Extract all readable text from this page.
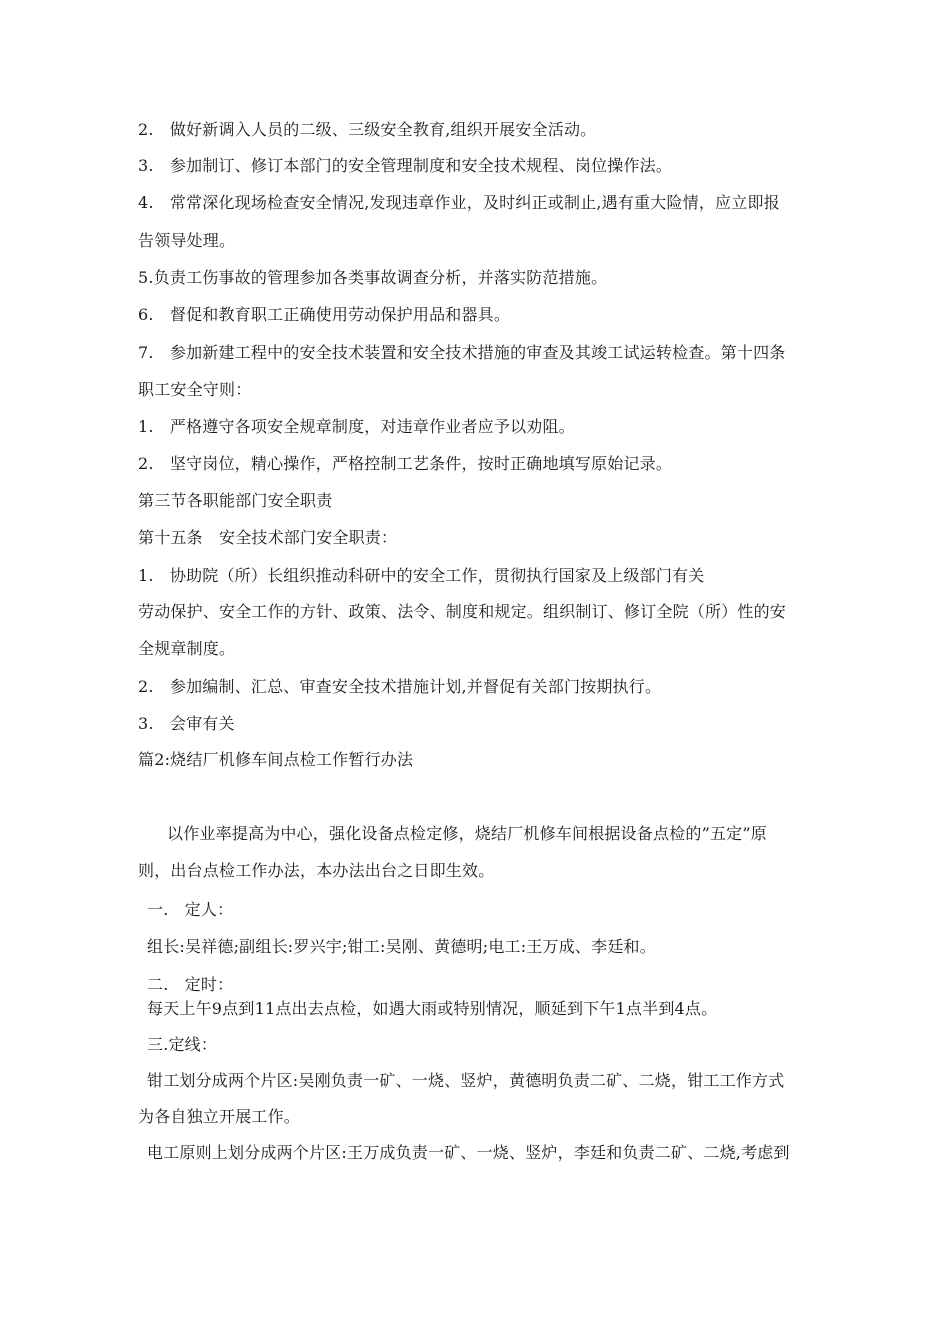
2.　做好新调入人员的二级、三级安全教育,组织开展安全活动。
3.　参加制订、修订本部门的安全管理制度和安全技术规程、岗位操作法。
4.　常常深化现场检查安全情况,发现违章作业，及时纠正或制止,遇有重大险情，应立即报
告领导处理。
5.负责工伤事故的管理参加各类事故调查分析，并落实防范措施。
6.　督促和教育职工正确使用劳动保护用品和器具。
7.　参加新建工程中的安全技术装置和安全技术措施的审查及其竣工试运转检查。第十四条
职工安全守则：
1.　严格遵守各项安全规章制度，对违章作业者应予以劝阻。
2.　坚守岗位，精心操作，严格控制工艺条件，按时正确地填写原始记录。
第三节各职能部门安全职责
第十五条　安全技术部门安全职责：
1.　协助院（所）长组织推动科研中的安全工作，贯彻执行国家及上级部门有关
劳动保护、安全工作的方针、政策、法令、制度和规定。组织制订、修订全院（所）性的安
全规章制度。
2.　参加编制、汇总、审查安全技术措施计划,并督促有关部门按期执行。
3.　会审有关
篇2:烧结厂机修车间点检工作暂行办法
以作业率提高为中心，强化设备点检定修，烧结厂机修车间根据设备点检的”五定”原
则，出台点检工作办法，本办法出台之日即生效。
一.　定人：
组长:吴祥德;副组长:罗兴宇;钳工:吴刚、黄德明;电工:王万成、李廷和。
二.　定时：
每天上午9点到11点出去点检，如遇大雨或特别情况，顺延到下午1点半到4点。
三.定线：
钳工划分成两个片区:吴刚负责一矿、一烧、竖炉，黄德明负责二矿、二烧，钳工工作方式
为各自独立开展工作。
电工原则上划分成两个片区:王万成负责一矿、一烧、竖炉，李廷和负责二矿、二烧,考虑到
